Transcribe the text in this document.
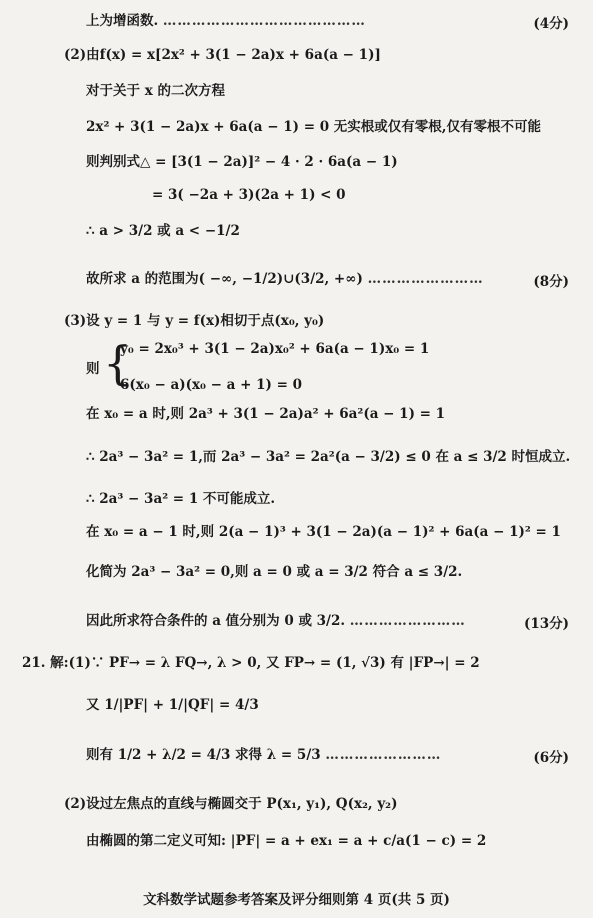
上为增函数. ……………………………………	(4分)
(2)由f(x) = x[2x² + 3(1 − 2a)x + 6a(a − 1)]
对于关于 x 的二次方程
2x² + 3(1 − 2a)x + 6a(a − 1) = 0 无实根或仅有零根,仅有零根不可能
则判别式△ = [3(1 − 2a)]² − 4 · 2 · 6a(a − 1)
= 3( −2a + 3)(2a + 1) < 0
∴ a > 3/2 或 a < −1/2
故所求 a 的范围为( −∞, −1/2)∪(3/2, +∞) ……………………	(8分)
(3)设 y = 1 与 y = f(x)相切于点(x₀, y₀)
则 {
y₀ = 2x₀³ + 3(1 − 2a)x₀² + 6a(a − 1)x₀ = 1
6(x₀ − a)(x₀ − a + 1) = 0
在 x₀ = a 时,则 2a³ + 3(1 − 2a)a² + 6a²(a − 1) = 1
∴ 2a³ − 3a² = 1,而 2a³ − 3a² = 2a²(a − 3/2) ≤ 0 在 a ≤ 3/2 时恒成立.
∴ 2a³ − 3a² = 1 不可能成立.
在 x₀ = a − 1 时,则 2(a − 1)³ + 3(1 − 2a)(a − 1)² + 6a(a − 1)² = 1
化简为 2a³ − 3a² = 0,则 a = 0 或 a = 3/2 符合 a ≤ 3/2.
因此所求符合条件的 a 值分别为 0 或 3/2. ……………………	(13分)
21. 解:(1)∵ PF→ = λ FQ→, λ > 0, 又 FP→ = (1, √3) 有 |FP→| = 2
又 1/|PF| + 1/|QF| = 4/3
则有 1/2 + λ/2 = 4/3 求得 λ = 5/3 ……………………	(6分)
(2)设过左焦点的直线与椭圆交于 P(x₁, y₁), Q(x₂, y₂)
由椭圆的第二定义可知: |PF| = a + ex₁ = a + c/a(1 − c) = 2
文科数学试题参考答案及评分细则第 4 页(共 5 页)
